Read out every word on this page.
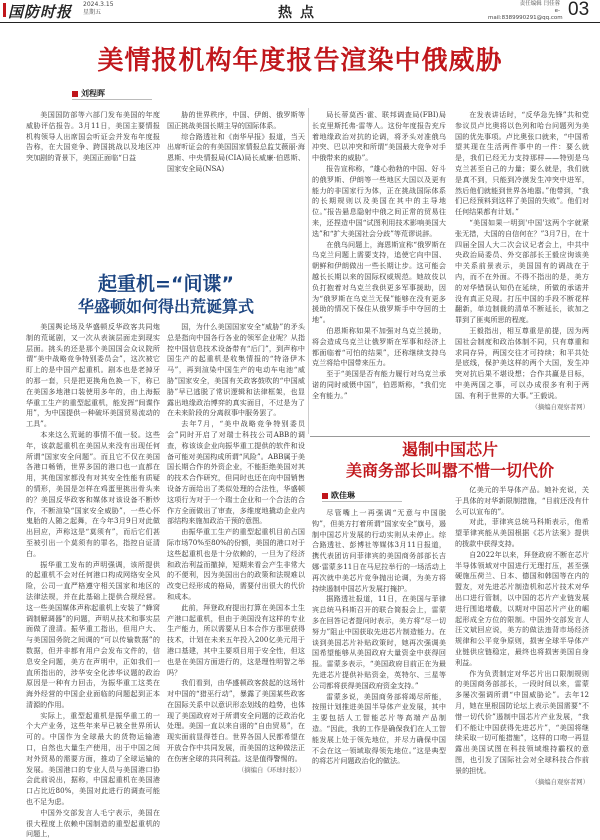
国防时报 2024.3.15
星期五	热点
责任编辑 闫佳蓉
e-mail:8389990291@qq.com 03
美情报机构年度报告渲染中俄威胁
刘程晖

美国国防部等六部门发布美国的年度威胁评估报告。3月11日，美国主要情报机构领导人出席国会听证会并发布年度报告称，在大国竞争、跨国挑战以及地区冲突加剧的背景下，美国正面临“日益

胁的世界秩序，中国、伊朗、俄罗斯等国正挑战美国长期主导的国际体系。

综合路透社和《南华早报》报道，当天出席听证会的有美国国家情报总监艾薇丽·海恩斯、中央情报局(CIA)局长威廉·伯恩斯、国家安全局(NSA)

局长蒂莫西·霍、联邦调查局(FBI)局长克里斯托弗·雷等人。这份年度报告充斥着地缘政治对抗的论调，将矛头对准俄乌冲突、巴以冲突和所谓“美国最大竞争对手中俄带来的威胁”。

报告宣称称，“雄心勃勃的中国、好斗的俄罗斯、伊朗等一些地区大国以及更有能力的非国家行为体，正在挑战国际体系的长期规则以及美国在其中的主导地位。”报告悬息隐射中俄之间正常的贸易往来，还捏造中国“试图利用技术影响美国大选”和“扩大美国社会分歧”等荒谬说辞。

在俄乌问题上，海恩斯宣称“俄罗斯在乌克兰问题上需要支持，追使它向中国、朝鲜和伊朗做出一些长期让步。这可能会越长长期以来的国际权威规范。她故伎以负打抱着对乌克兰我供更多军事援助，因为“俄罗斯在乌克兰无保”能够在没有更多援助的情况下保住从俄罗斯手中夺回的土地”。

伯恩斯称如果不加强对乌克兰援助，将会造成乌克兰让俄罗斯在军事和经济上都面临着“可怕的结果”，还称继续支持乌克兰将给中国带来压力。

至于“美国是否有能力履行对乌克兰承诺的同时威慑中国”，伯恩斯称，“我们完全有能力。”

在发表讲话时，“反华急先锋”共和党参议员卢比奥将以色列和哈台问题列为美国的优先事项。卢比奥张口就来，“中国希望其现在生活两件事中的一件：要么就是，我们已经无力支持那样——特别是乌克兰甚至自己的力量；要么就是，我们就是真不到，只能到冷漠发生冲突中进军，然后他们就能到世界各地嚣。”他带到，“我们已经预料到这样了美国的失败”。他们对任何结果都有计划。”

“美国如果一明到'中国'这两个字就紧张无措，大国的自信何在？”3月7日，在十四届全国人大二次会议记者会上，中共中央政治局委员、外交部部长王毅应询该美中关系前景表示，美国国有的调战在于内，而不在外面。不得不指出的是，美方的对华错误认知仍在延续，所做的承诺并没有真正兑现。打压中国的手段不断花样翻新，单边制裁的清单不断延长，欲加之罪到了匪夷所思的程度。

王毅指出，相互尊重是前提，因为两国社会制度和政治体制不同，只有尊重和求同存异，两国交往才可持续；和平共处是底线，保护美这样的两个大国，发生冲突对抗后果不堪设想；合作共赢是目标，中美两国之事，可以办成很多有利于两国、有利于世界的大事。”王毅说。

（摘编自观察者网）

起重机=“间谍”
华盛顿如何得出荒诞算式

美国舆论场及华盛顿反华政客共同炮制的荒诞剧，又一次从表演层面走到现实层面。挑头的还是那个美国国会众议院所谓“美中战略竞争特别委员会”，这次被它盯上的是中国产起重机。剧本也是老掉牙的那一套，只是把更换角色换一下，称已在美国多地港口装使用多年的，由上海振华重工生产的重型起重机，能发挥“间谍作用”，为中国提供一种破坏美国贸易流动的工具”。

本来这么荒诞的事情不值一驳。这些年，该款起重机在美国从来没有出现任何所谓“国家安全问题”。而且它不仅在美国各港口畅销，世界多国的港口也一直都在用，其他国家都没有对其安全性能有质疑的情形，美国是怎样在鸡蛋里挑出骨头来的？美国反华政客和媒体对该设备不断炒作，不断渲染“国家安全威胁”，一些心怀鬼胎的人随之起舞，在今年3月9日对此做出回应，声称这是“莫须有”，而后它们甚至被引出一个莫须有的罪名，指控自证清白。

振华重工发布的声明强调，该所提供的起重机不会对任何港口构成网络安全风险，公司一直严格遵守相关国家和地区的法律法规，并在此基础上提供合规经营。这一些美国媒体声称起重机上安装了“蜂窝调制解调器”的问题，声明从技术和事实层面做了澄清。振华重工指出，但用户大、与美国国务院之间调的“可以传输数据”的数据，但并非都有用户会发布文件的，信息安全问题，美方在声明中，正如我们一直所指出的，涉华安全化涉华议题的政治原因是一种有力回击，为振华重工这类在海外经营的中国企业面临的问题起到正本清源的作用。

实际上，重型起重机是振华重工的一个大产业务，这些年来早已被全世界所认可的。中国作为全球最大的货物运输港口，自然也大量生产使用，出于中国之间对外贸易的需要方面，推动了全球运输的发展。美国港口的专业人员与美国港口协会此前说出，据称，中国起重机在美国港口占比近80%，美国对此进行的调查可能也不足为虑。

中国外交部发言人毛宁表示，美国在很大程度上依赖中国制造的重型起重机的问题上，

国，为什么美国国家安全“威胁”的矛头总是指向中国各行各业的领军企业呢？从指控中国信息技术设备带有“后门”，到声称中国生产的起重机是收集情报的“特洛伊木马”，再到渲染中国生产的电动车电池“威胁”国家安全，美国有关政客鼓吹的“中国威胁”早已逃脱了常识逻辑和法律框架，也显露出地缘政治博弈的真实面目，不过是为了在未来阶段的分离叙事中服务罢了。

去年7月，“美中战略竞争特别委员会”同时开启了对瑞士科技公司ABB的调查，称该该企业向振华重工提供的软件和设备可能对美国构成所谓“风险”。ABB属于美国长期合作的外资企业，不能拒绝美国对其的技术合作研究，但同时也还在向中国销售设备方面给出了类似处理的合法性，华盛顿这项行为对于一个瑞士企业和一个合法的合作方全面做出了审查，多维度地撬动企业内部结构来施加政治干预的意图。

由振华重工生产的重型起重机目前占国际市场70%至80%的份额，美国的港口对于这些起重机也是十分依赖的，一旦为了经济和政治利益而撤掉，短期来看会产生非常大的不便利，因为美国出台的政策和法规难以改变已经形成的格局，需要付出很大的代价和成本。

此前，拜登政府提出打算在美国本土生产港口起重机，但由于美国没有这样的专业生产能力，所以需要从日本合作方那里获得技术，计划在未来五年投入200亿美元用于港口基建，其中主要项目用于安全性，但这也是在美国方面进行的，这是理性明智之举吗？

我们看到，由华盛顿政客鼓起的这场针对中国的“猎巫行动”，暴露了美国某些政客在国际关系中以意识形态划线的趋势，也体现了美国政府对于所谓安全问题的泛政治化处理。美国一直以来自诩的“自由贸易”，在现实面前显得苍白。世界各国人民都希望在开放合作中共同发展，而美国的这种做法正在伤害全球的共同利益。这是值得警惕的。

（摘编自《环球时报》）

遏制中国芯片
美商务部长叫嚣不惜一切代价
欧佳琳

尽管嘴上一再强调“无意与中国脱钩”，但美方打着所谓“国家安全”旗号，遏制中国芯片发展的行动实则从未停止。综合路透社、彭博社等媒体3月11日报道，携代表团访问菲律宾的美国商务部部长吉娜·雷蒙多11日在马尼拉举行的一场活动上再次就中美芯片竞争抛出论调，为美方将持续遏制中国芯片发展打掩护。

据路透社报道，11日，在美国与菲律宾总统马科斯召开的联合简报会上，雷蒙多在回答记者提问时表示，美方将“尽一切努力”阻止中国获取先进芯片制造能力。在谈到美国芯片补贴政策时，她再次强调美国希望能够从美国政府大量资金中获得回报。雷蒙多表示，“美国政府目前正在为最先进芯片提供补贴资金，英特尔、三星等公司都将获得美国政府资金支持。”

雷蒙多说，美国商务部将竭尽所能，按照计划推进美国半导体产业发展，其中主要包括人工智能芯片等高端产品制造。“因此，我的工作是确保我们在人工智能发展上处于领先地位，并尽力确保中国不会在这一领域取得领先地位。”这是典型的将芯片问题政治化的做法。

亿美元的半导体产品。她补充说，关于具体的对华新限制措施，“目前还没有什么可以宣布的”。

对此，菲律宾总统马科斯表示，他希望菲律宾能从美国根据《芯片法案》提供的拨款中获得支持。

自2022年以来，拜登政府不断在芯片半导体领域对中国进行无理打压，甚至强硬施压荷兰、日本、德国和韩国等在内的盟友，对先进芯片制造机和芯片技术对华出口进行管制，以中国的芯片产业链发展进行围追堵截，以期对中国芯片产业的崛起形成全方位的限制。中国外交部发言人汪文斌回应说，美方的做法违背市场经济规律和公平竞争原则，损害全球半导体产业链供应链稳定，最终也将损害美国自身利益。

作为负责制定对华芯片出口限制规则的美国商务部部长，一段时间以来，雷蒙多屡次强调所谓“中国威胁论”。去年12月，她在里根国防论坛上表示美国需要“不惜一切代价”遏制中国芯片产业发展，“我们不能让中国获得先进芯片”，“美国将继续采取一切可能措施”，这样的口吻一再显露出美国试图在科技领域维持霸权的意图，也引发了国际社会对全球科技合作前景的担忧。

（摘编自观察者网）
